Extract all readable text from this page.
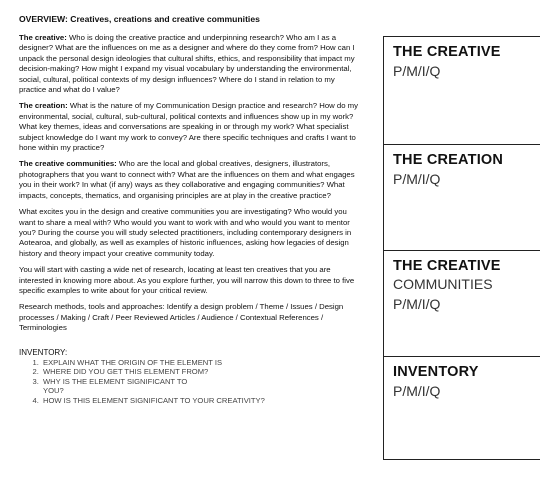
OVERVIEW: Creatives, creations and creative communities

The creative: Who is doing the creative practice and underpinning research? Who am I as a designer? What are the influences on me as a designer and where do they come from? How can I unpack the personal design ideologies that cultural shifts, ethics, and responsibility that impact my decision-making? How might I expand my visual vocabulary by understanding the environmental, social, cultural, political contexts of my design influences? Where do I stand in relation to my practice and what do I value?

The creation: What is the nature of my Communication Design practice and research? How do my environmental, social, cultural, sub-cultural, political contexts and influences show up in my work? What key themes, ideas and conversations are speaking in or through my work? What specialist subject knowledge do I want my work to convey? Are there specific techniques and crafts I want to hone within my practice?

The creative communities: Who are the local and global creatives, designers, illustrators, photographers that you want to connect with? What are the influences on them and what engages you in their work? In what (if any) ways as they collaborative and engaging communities? What impacts, concepts, thematics, and organising principles are at play in the creative practice?

What excites you in the design and creative communities you are investigating? Who would you want to share a meal with? Who would you want to work with and who would you want to mentor you? During the course you will study selected practitioners, including contemporary designers in Aotearoa, and globally, as well as examples of historic influences, asking how legacies of design history and theory impact your creative community today.

You will start with casting a wide net of research, locating at least ten creatives that you are interested in knowing more about. As you explore further, you will narrow this down to three to five specific examples to write about for your critical review.

Research methods, tools and approaches: Identify a design problem / Theme / Issues / Design processes / Making / Craft / Peer Reviewed Articles / Audience / Contextual References / Terminologies

INVENTORY:
1. EXPLAIN WHAT THE ORIGIN OF THE ELEMENT IS
2. WHERE DID YOU GET THIS ELEMENT FROM?
3. WHY IS THE ELEMENT SIGNIFICANT TO YOU?
4. HOW IS THIS ELEMENT SIGNIFICANT TO YOUR CREATIVITY?
THE CREATIVE
P/M/I/Q
THE CREATION
P/M/I/Q
THE CREATIVE
COMMUNITIES
P/M/I/Q
INVENTORY
P/M/I/Q
